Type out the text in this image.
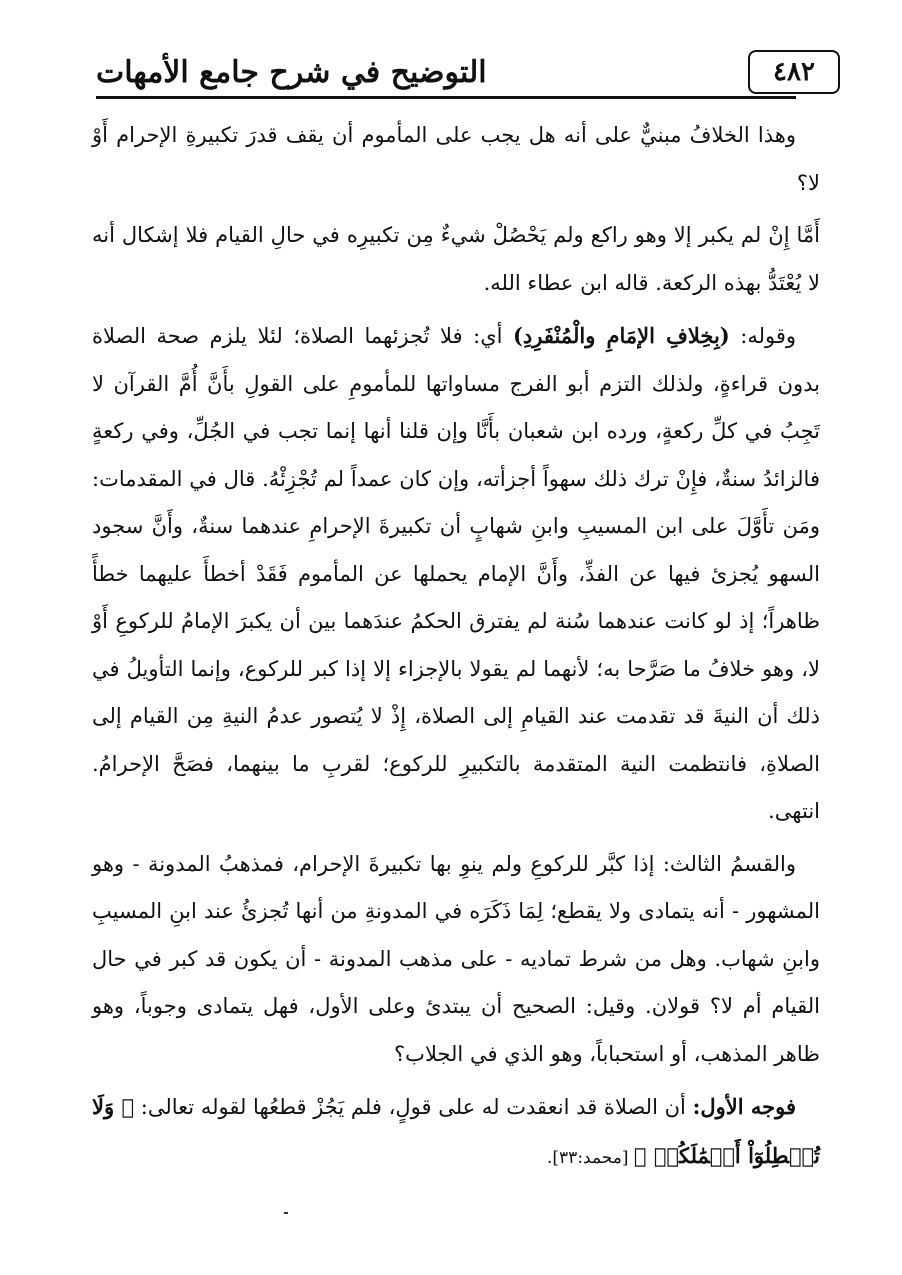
٤٨٢
التوضيح في شرح جامع الأمهات

وهذا الخلافُ مبنيٌّ على أنه هل يجب على المأموم أن يقف قدرَ تكبيرةِ الإحرام أَوْ لا؟

أَمَّا إِنْ لم يكبر إلا وهو راكع ولم يَحْصُلْ شيءٌ مِن تكبيرِه في حالِ القيام فلا إشكال أنه لا يُعْتَدُّ بهذه الركعة. قاله ابن عطاء الله.

وقوله: (بِخِلافِ الإمَامِ والْمُنْفَرِدِ) أي: فلا تُجزئهما الصلاة؛ لئلا يلزم صحة الصلاة بدون قراءةٍ، ولذلك التزم أبو الفرج مساواتها للمأمومِ على القولِ بأَنَّ أُمَّ القرآن لا تَجِبُ في كلِّ ركعةٍ، ورده ابن شعبان بأَنَّا وإن قلنا أنها إنما تجب في الجُلِّ، وفي ركعةٍ فالزائدُ سنةٌ، فإِنْ ترك ذلك سهواً أجزأته، وإن كان عمداً لم تُجْزِئْهُ. قال في المقدمات: ومَن تأَوَّلَ على ابن المسيبِ وابنِ شهابٍ أن تكبيرةَ الإحرامِ عندهما سنةٌ، وأَنَّ سجود السهو يُجزئ فيها عن الفذِّ، وأَنَّ الإمام يحملها عن المأموم فَقَدْ أخطأَ عليهما خطأً ظاهراً؛ إذ لو كانت عندهما سُنة لم يفترق الحكمُ عندَهما بين أن يكبرَ الإمامُ للركوعِ أَوْ لا، وهو خلافُ ما صَرَّحا به؛ لأنهما لم يقولا بالإجزاء إلا إذا كبر للركوع، وإنما التأويلُ في ذلك أن النيةَ قد تقدمت عند القيامِ إلى الصلاة، إِذْ لا يُتصور عدمُ النيةِ مِن القيام إلى الصلاةِ، فانتظمت النية المتقدمة بالتكبيرِ للركوع؛ لقربِ ما بينهما، فصَحَّ الإحرامُ. انتهى.

والقسمُ الثالث: إذا كبَّر للركوعِ ولم ينوِ بها تكبيرةَ الإحرام، فمذهبُ المدونة - وهو المشهور - أنه يتمادى ولا يقطع؛ لِمَا ذَكَرَه في المدونةِ من أنها تُجزئُ عند ابنِ المسيبِ وابنِ شهاب. وهل من شرط تماديه - على مذهب المدونة - أن يكون قد كبر في حال القيام أم لا؟ قولان. وقيل: الصحيح أن يبتدئ وعلى الأول، فهل يتمادى وجوباً، وهو ظاهر المذهب، أو استحباباً، وهو الذي في الجلاب؟

فوجه الأول: أن الصلاة قد انعقدت له على قولٍ، فلم يَجُزْ قطعُها لقوله تعالى: ﴿ وَلَا تُبۡطِلُوٓاْ أَعۡمَٰلَكُمۡ ﴾ [محمد:٣٣].
